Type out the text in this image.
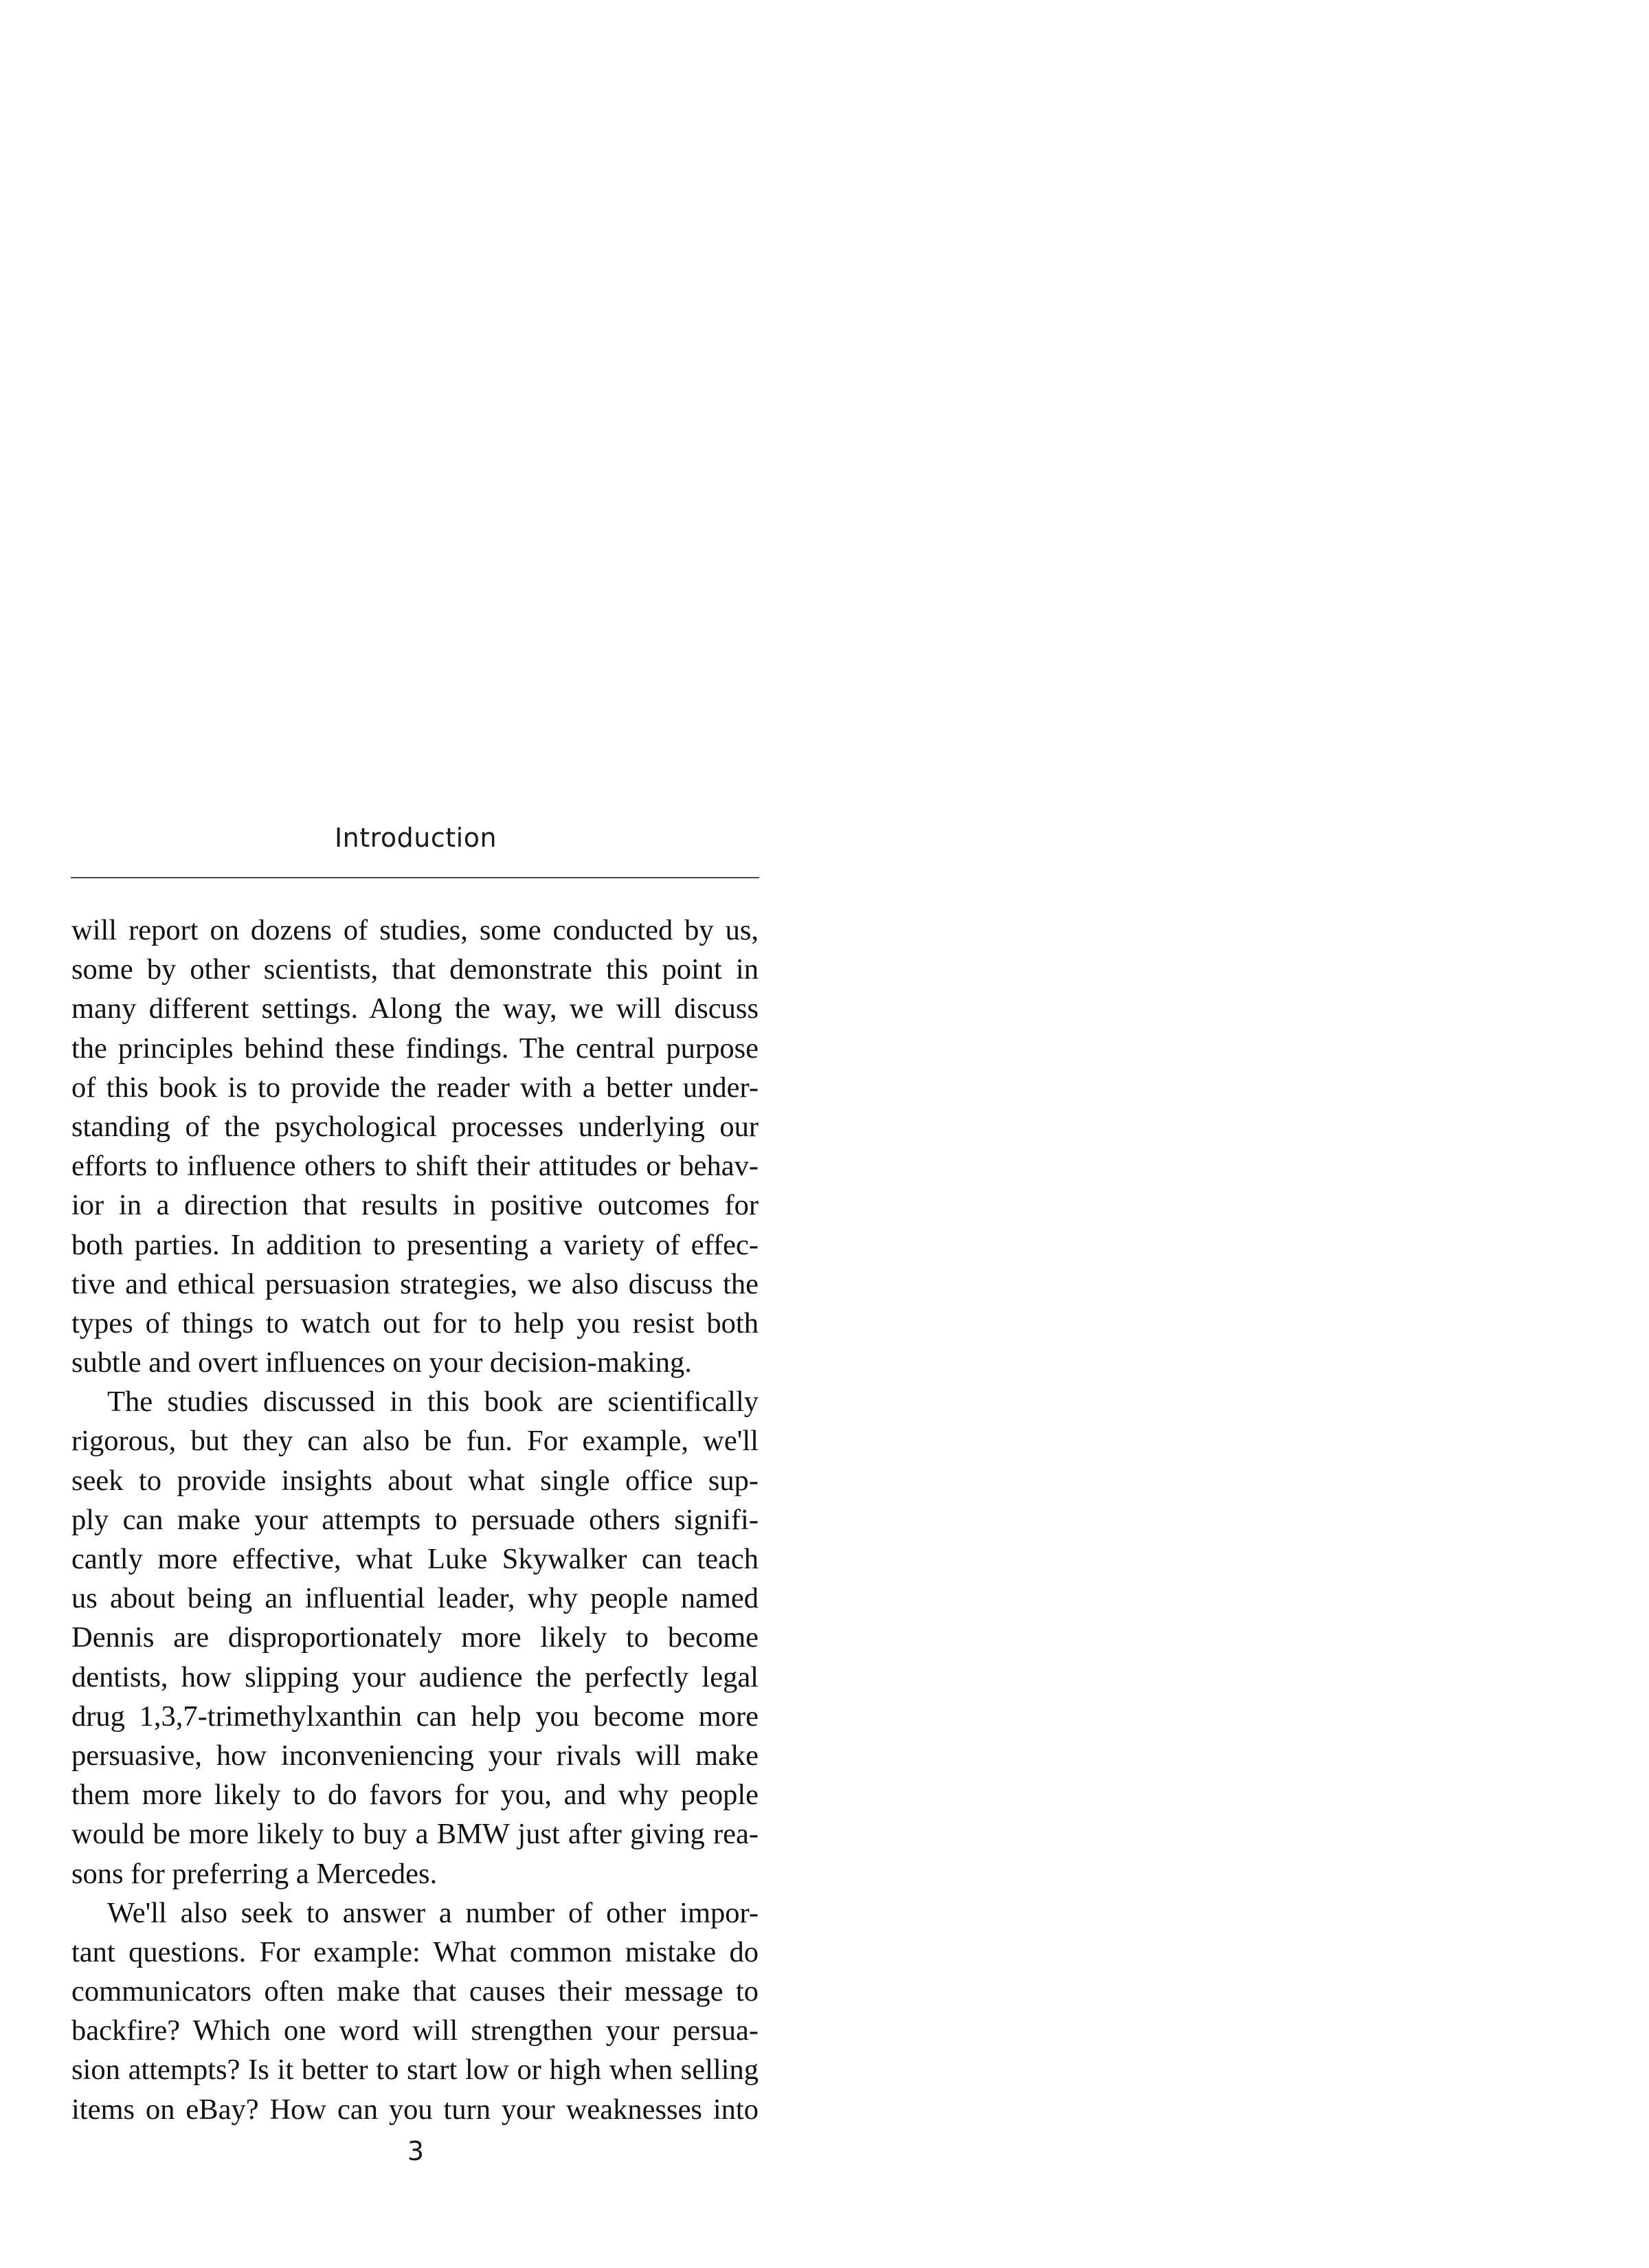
Introduction
will report on dozens of studies, some conducted by us,
some by other scientists, that demonstrate this point in
many different settings. Along the way, we will discuss
the principles behind these findings. The central purpose
of this book is to provide the reader with a better under-
standing of the psychological processes underlying our
efforts to influence others to shift their attitudes or behav-
ior in a direction that results in positive outcomes for
both parties. In addition to presenting a variety of effec-
tive and ethical persuasion strategies, we also discuss the
types of things to watch out for to help you resist both
subtle and overt influences on your decision-making.
The studies discussed in this book are scientifically
rigorous, but they can also be fun. For example, we'll
seek to provide insights about what single office sup-
ply can make your attempts to persuade others signifi-
cantly more effective, what Luke Skywalker can teach
us about being an influential leader, why people named
Dennis are disproportionately more likely to become
dentists, how slipping your audience the perfectly legal
drug 1,3,7-trimethylxanthin can help you become more
persuasive, how inconveniencing your rivals will make
them more likely to do favors for you, and why people
would be more likely to buy a BMW just after giving rea-
sons for preferring a Mercedes.
We'll also seek to answer a number of other impor-
tant questions. For example: What common mistake do
communicators often make that causes their message to
backfire? Which one word will strengthen your persua-
sion attempts? Is it better to start low or high when selling
items on eBay? How can you turn your weaknesses into
3
